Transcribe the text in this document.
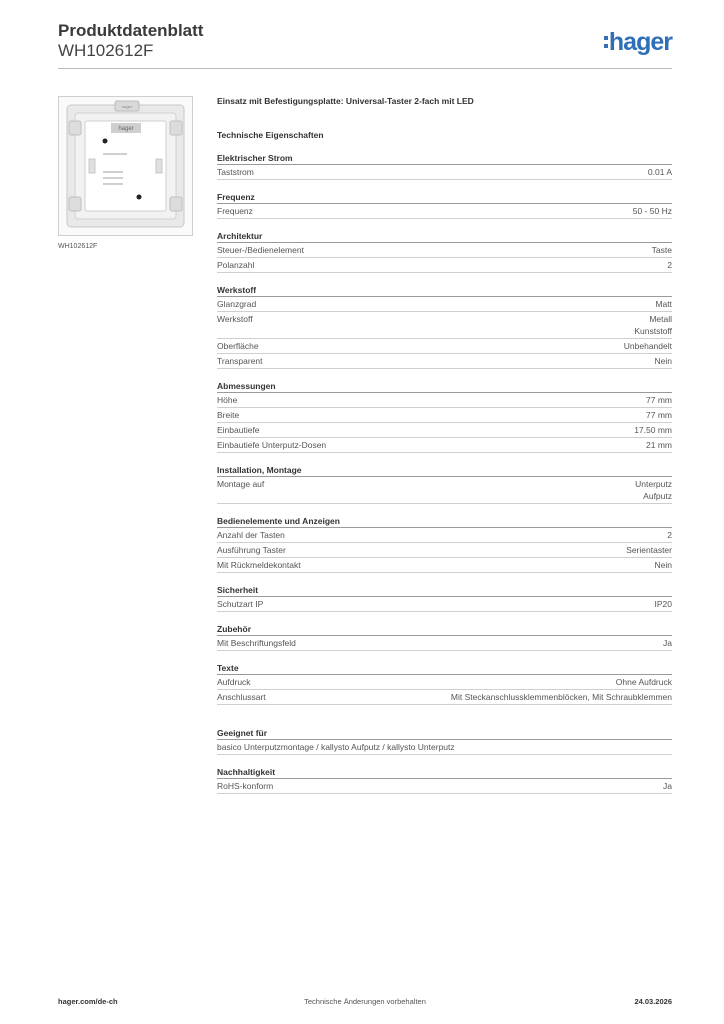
Produktdatenblatt
WH102612F	hager
hager
hager
WH102612F
Einsatz mit Befestigungsplatte: Universal-Taster 2-fach mit LED
Technische Eigenschaften
Elektrischer Strom
Taststrom	0.01 A
Frequenz
Frequenz	50 - 50 Hz
Architektur
Steuer-/Bedienelement	Taste
Polanzahl	2
Werkstoff
Glanzgrad	Matt
Werkstoff	Metall
Kunststoff
Oberfläche	Unbehandelt
Transparent	Nein
Abmessungen
Höhe	77 mm
Breite	77 mm
Einbautiefe	17.50 mm
Einbautiefe Unterputz-Dosen	21 mm
Installation, Montage
Montage auf	Unterputz
Aufputz
Bedienelemente und Anzeigen
Anzahl der Tasten	2
Ausführung Taster	Serientaster
Mit Rückmeldekontakt	Nein
Sicherheit
Schutzart IP	IP20
Zubehör
Mit Beschriftungsfeld	Ja
Texte
Aufdruck	Ohne Aufdruck
Anschlussart	Mit Steckanschlussklemmenblöcken, Mit Schraubklemmen
Geeignet für
basico Unterputzmontage / kallysto Aufputz / kallysto Unterputz
Nachhaltigkeit
RoHS-konform	Ja
hager.com/de-ch	Technische Änderungen vorbehalten	24.03.2026
